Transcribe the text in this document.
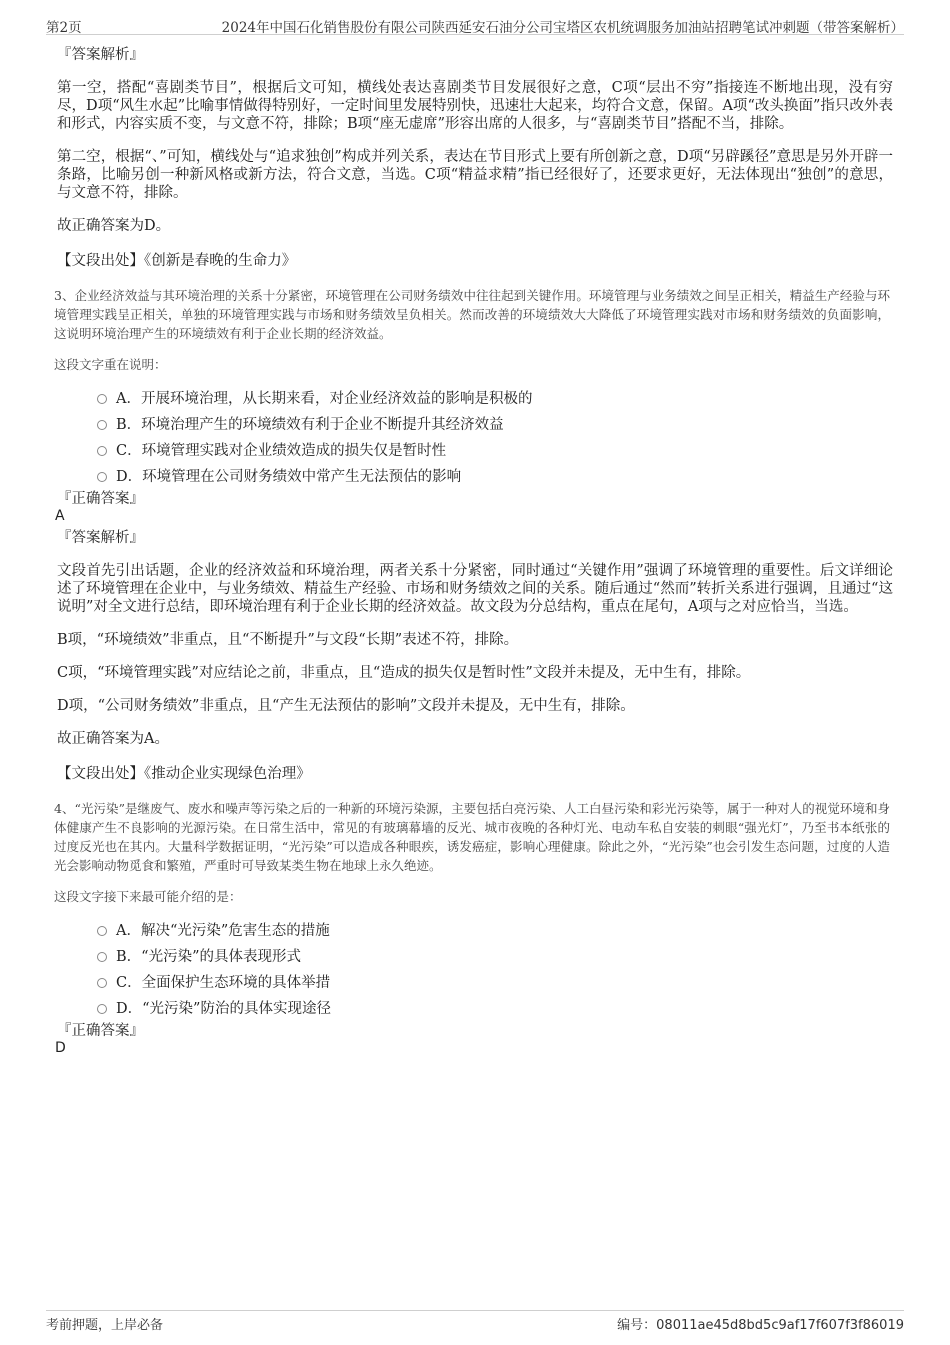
第2页	2024年中国石化销售股份有限公司陕西延安石油分公司宝塔区农机统调服务加油站招聘笔试冲刺题（带答案解析）

『答案解析』

第一空，搭配“喜剧类节目”，根据后文可知，横线处表达喜剧类节目发展很好之意，C项“层出不穷”指接连不断地出现，没有穷尽，D项“风生水起”比喻事情做得特别好，一定时间里发展特别快，迅速壮大起来，均符合文意，保留。A项“改头换面”指只改外表和形式，内容实质不变，与文意不符，排除；B项“座无虚席”形容出席的人很多，与“喜剧类节目”搭配不当，排除。

第二空，根据“、”可知，横线处与“追求独创”构成并列关系，表达在节目形式上要有所创新之意，D项“另辟蹊径”意思是另外开辟一条路，比喻另创一种新风格或新方法，符合文意，当选。C项“精益求精”指已经很好了，还要求更好，无法体现出“独创”的意思，与文意不符，排除。

故正确答案为D。

【文段出处】《创新是春晚的生命力》

3、企业经济效益与其环境治理的关系十分紧密，环境管理在公司财务绩效中往往起到关键作用。环境管理与业务绩效之间呈正相关，精益生产经验与环境管理实践呈正相关，单独的环境管理实践与市场和财务绩效呈负相关。然而改善的环境绩效大大降低了环境管理实践对市场和财务绩效的负面影响，这说明环境治理产生的环境绩效有利于企业长期的经济效益。

这段文字重在说明：

A．开展环境治理，从长期来看，对企业经济效益的影响是积极的
B．环境治理产生的环境绩效有利于企业不断提升其经济效益
C．环境管理实践对企业绩效造成的损失仅是暂时性
D．环境管理在公司财务绩效中常产生无法预估的影响

『正确答案』

A

『答案解析』

文段首先引出话题，企业的经济效益和环境治理，两者关系十分紧密，同时通过“关键作用”强调了环境管理的重要性。后文详细论述了环境管理在企业中，与业务绩效、精益生产经验、市场和财务绩效之间的关系。随后通过“然而”转折关系进行强调，且通过“这说明”对全文进行总结，即环境治理有利于企业长期的经济效益。故文段为分总结构，重点在尾句，A项与之对应恰当，当选。

B项，“环境绩效”非重点，且“不断提升”与文段“长期”表述不符，排除。

C项，“环境管理实践”对应结论之前，非重点，且“造成的损失仅是暂时性”文段并未提及，无中生有，排除。

D项，“公司财务绩效”非重点，且“产生无法预估的影响”文段并未提及，无中生有，排除。

故正确答案为A。

【文段出处】《推动企业实现绿色治理》

4、“光污染”是继废气、废水和噪声等污染之后的一种新的环境污染源，主要包括白亮污染、人工白昼污染和彩光污染等，属于一种对人的视觉环境和身体健康产生不良影响的光源污染。在日常生活中，常见的有玻璃幕墙的反光、城市夜晚的各种灯光、电动车私自安装的刺眼“强光灯”，乃至书本纸张的过度反光也在其内。大量科学数据证明，“光污染”可以造成各种眼疾，诱发癌症，影响心理健康。除此之外，“光污染”也会引发生态问题，过度的人造光会影响动物觅食和繁殖，严重时可导致某类生物在地球上永久绝迹。

这段文字接下来最可能介绍的是：

A．解决“光污染”危害生态的措施
B．“光污染”的具体表现形式
C．全面保护生态环境的具体举措
D．“光污染”防治的具体实现途径

『正确答案』

D

考前押题，上岸必备	编号：08011ae45d8bd5c9af17f607f3f86019
